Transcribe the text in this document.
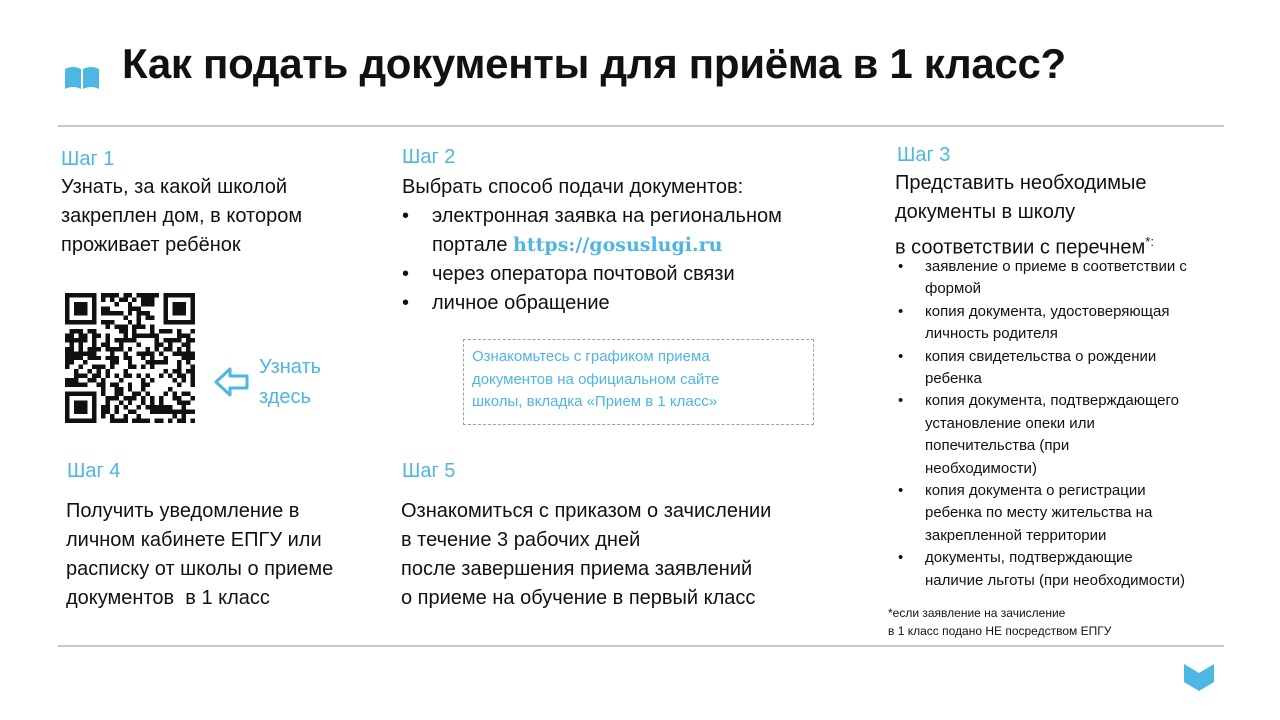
Как подать документы для приёма в 1 класс?
Шаг 1
Узнать, за какой школой
закреплен дом, в котором
проживает ребёнок
Узнать
здесь
Шаг 2
Выбрать способ подачи документов:
• электронная заявка на региональном
портале https://gosuslugi.ru
• через оператора почтовой связи
• личное обращение
Ознакомьтесь с графиком приема
документов на официальном сайте
школы, вкладка «Прием в 1 класс»
Шаг 3
Представить необходимые
документы в школу
в соответствии с перечнем*:
• заявление о приеме в соответствии с
формой
• копия документа, удостоверяющая
личность родителя
• копия свидетельства о рождении
ребенка
• копия документа, подтверждающего
установление опеки или
попечительства (при
необходимости)
• копия документа о регистрации
ребенка по месту жительства на
закрепленной территории
• документы, подтверждающие
наличие льготы (при необходимости)
*если заявление на зачисление
в 1 класс подано НЕ посредством ЕПГУ
Шаг 4
Получить уведомление в
личном кабинете ЕПГУ или
расписку от школы о приеме
документов  в 1 класс
Шаг 5
Ознакомиться с приказом о зачислении
в течение 3 рабочих дней
после завершения приема заявлений
о приеме на обучение в первый класс
